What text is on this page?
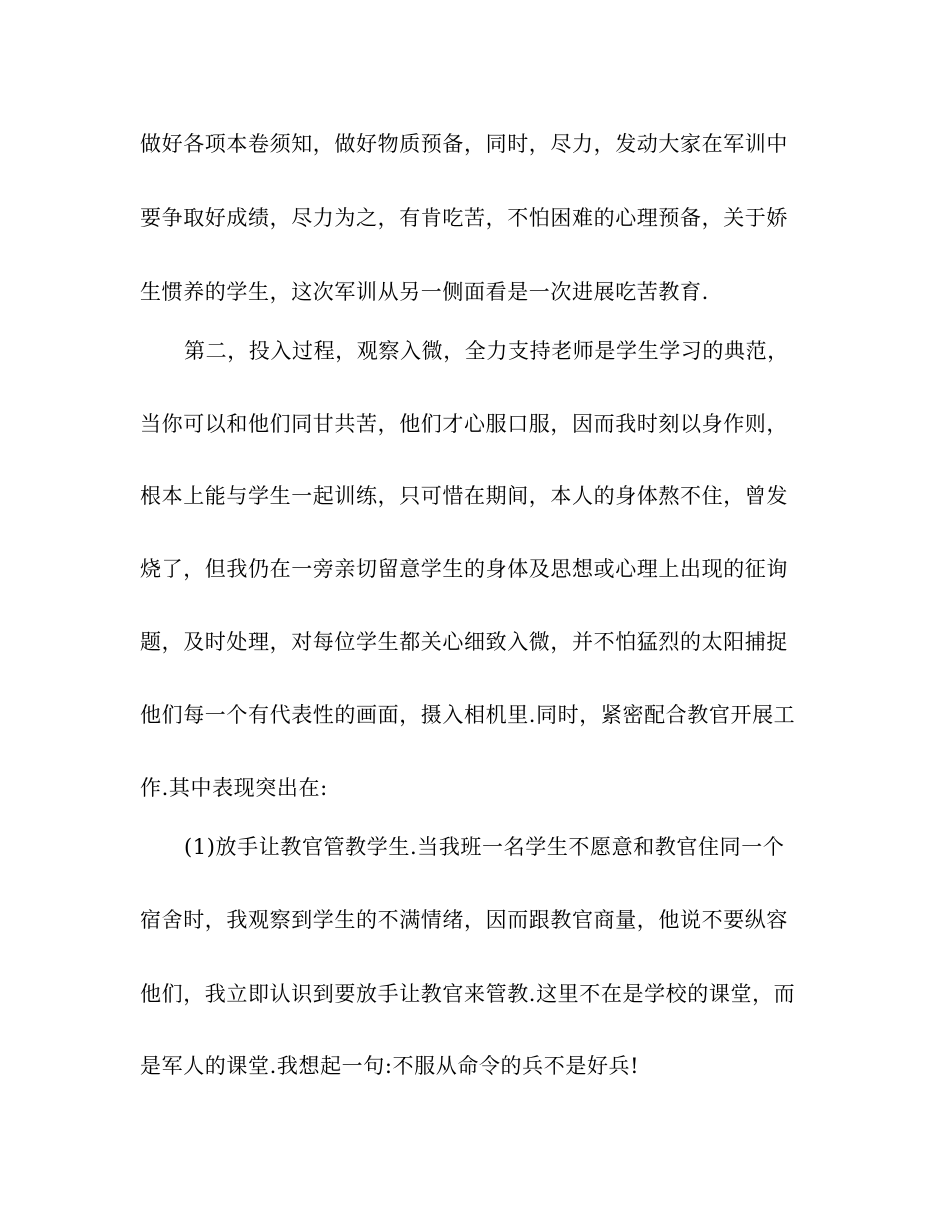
做好各项本卷须知，做好物质预备，同时，尽力，发动大家在军训中
要争取好成绩，尽力为之，有肯吃苦，不怕困难的心理预备，关于娇
生惯养的学生，这次军训从另一侧面看是一次进展吃苦教育.
第二，投入过程，观察入微，全力支持老师是学生学习的典范，
当你可以和他们同甘共苦，他们才心服口服，因而我时刻以身作则，
根本上能与学生一起训练，只可惜在期间，本人的身体熬不住，曾发
烧了，但我仍在一旁亲切留意学生的身体及思想或心理上出现的征询
题，及时处理，对每位学生都关心细致入微，并不怕猛烈的太阳捕捉
他们每一个有代表性的画面，摄入相机里.同时，紧密配合教官开展工
作.其中表现突出在:
(1)放手让教官管教学生.当我班一名学生不愿意和教官住同一个
宿舍时，我观察到学生的不满情绪，因而跟教官商量，他说不要纵容
他们，我立即认识到要放手让教官来管教.这里不在是学校的课堂，而
是军人的课堂.我想起一句:不服从命令的兵不是好兵!
